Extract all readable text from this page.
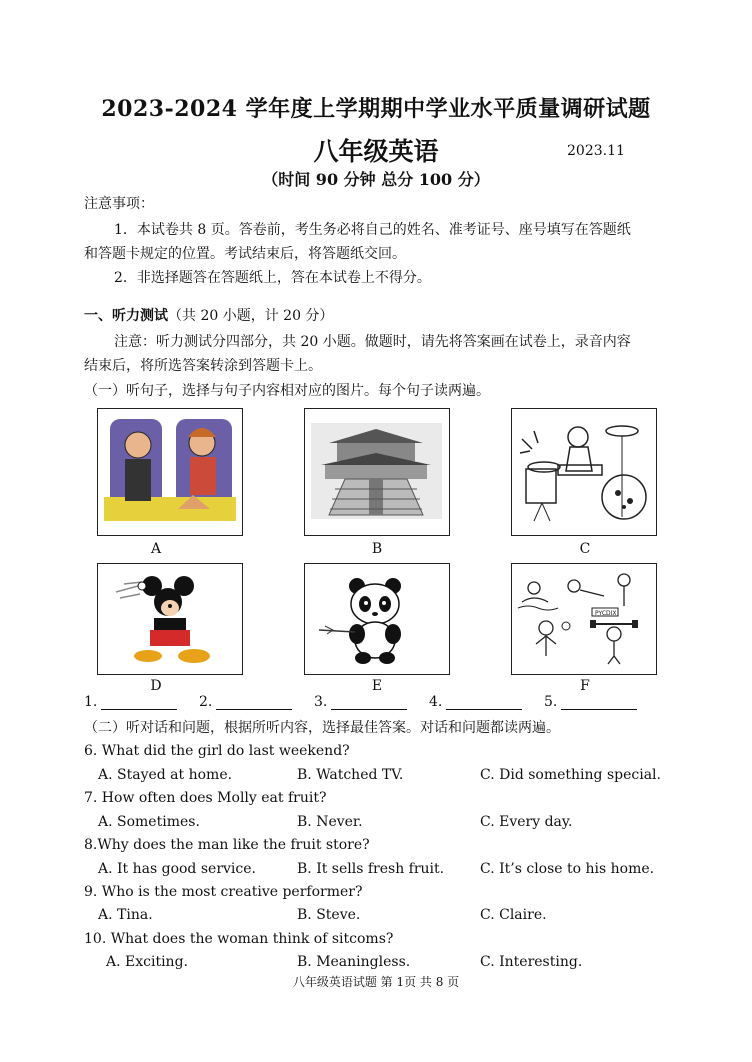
2023-2024 学年度上学期期中学业水平质量调研试题
八年级英语	2023.11
（时间 90 分钟 总分 100 分）
注意事项：
1．本试卷共 8 页。答卷前，考生务必将自己的姓名、准考证号、座号填写在答题纸
和答题卡规定的位置。考试结束后，将答题纸交回。
2．非选择题答在答题纸上，答在本试卷上不得分。
一、听力测试（共 20 小题，计 20 分）
注意：听力测试分四部分，共 20 小题。做题时，请先将答案画在试卷上，录音内容
结束后，将所选答案转涂到答题卡上。
（一）听句子，选择与句子内容相对应的图片。每个句子读两遍。
A	B	C
D	E
PYCDIX
F
1.	2.	3.	4.	5.
（二）听对话和问题，根据所听内容，选择最佳答案。对话和问题都读两遍。
6. What did the girl do last weekend?
A. Stayed at home.	B. Watched TV.	C. Did something special.
7. How often does Molly eat fruit?
A. Sometimes.	B. Never.	C. Every day.
8.Why does the man like the fruit store?
A. It has good service.	B. It sells fresh fruit.	C. It’s close to his home.
9. Who is the most creative performer?
A. Tina.	B. Steve.	C. Claire.
10. What does the woman think of sitcoms?
A. Exciting.	B. Meaningless.	C. Interesting.
八年级英语试题 第 1页 共 8 页
